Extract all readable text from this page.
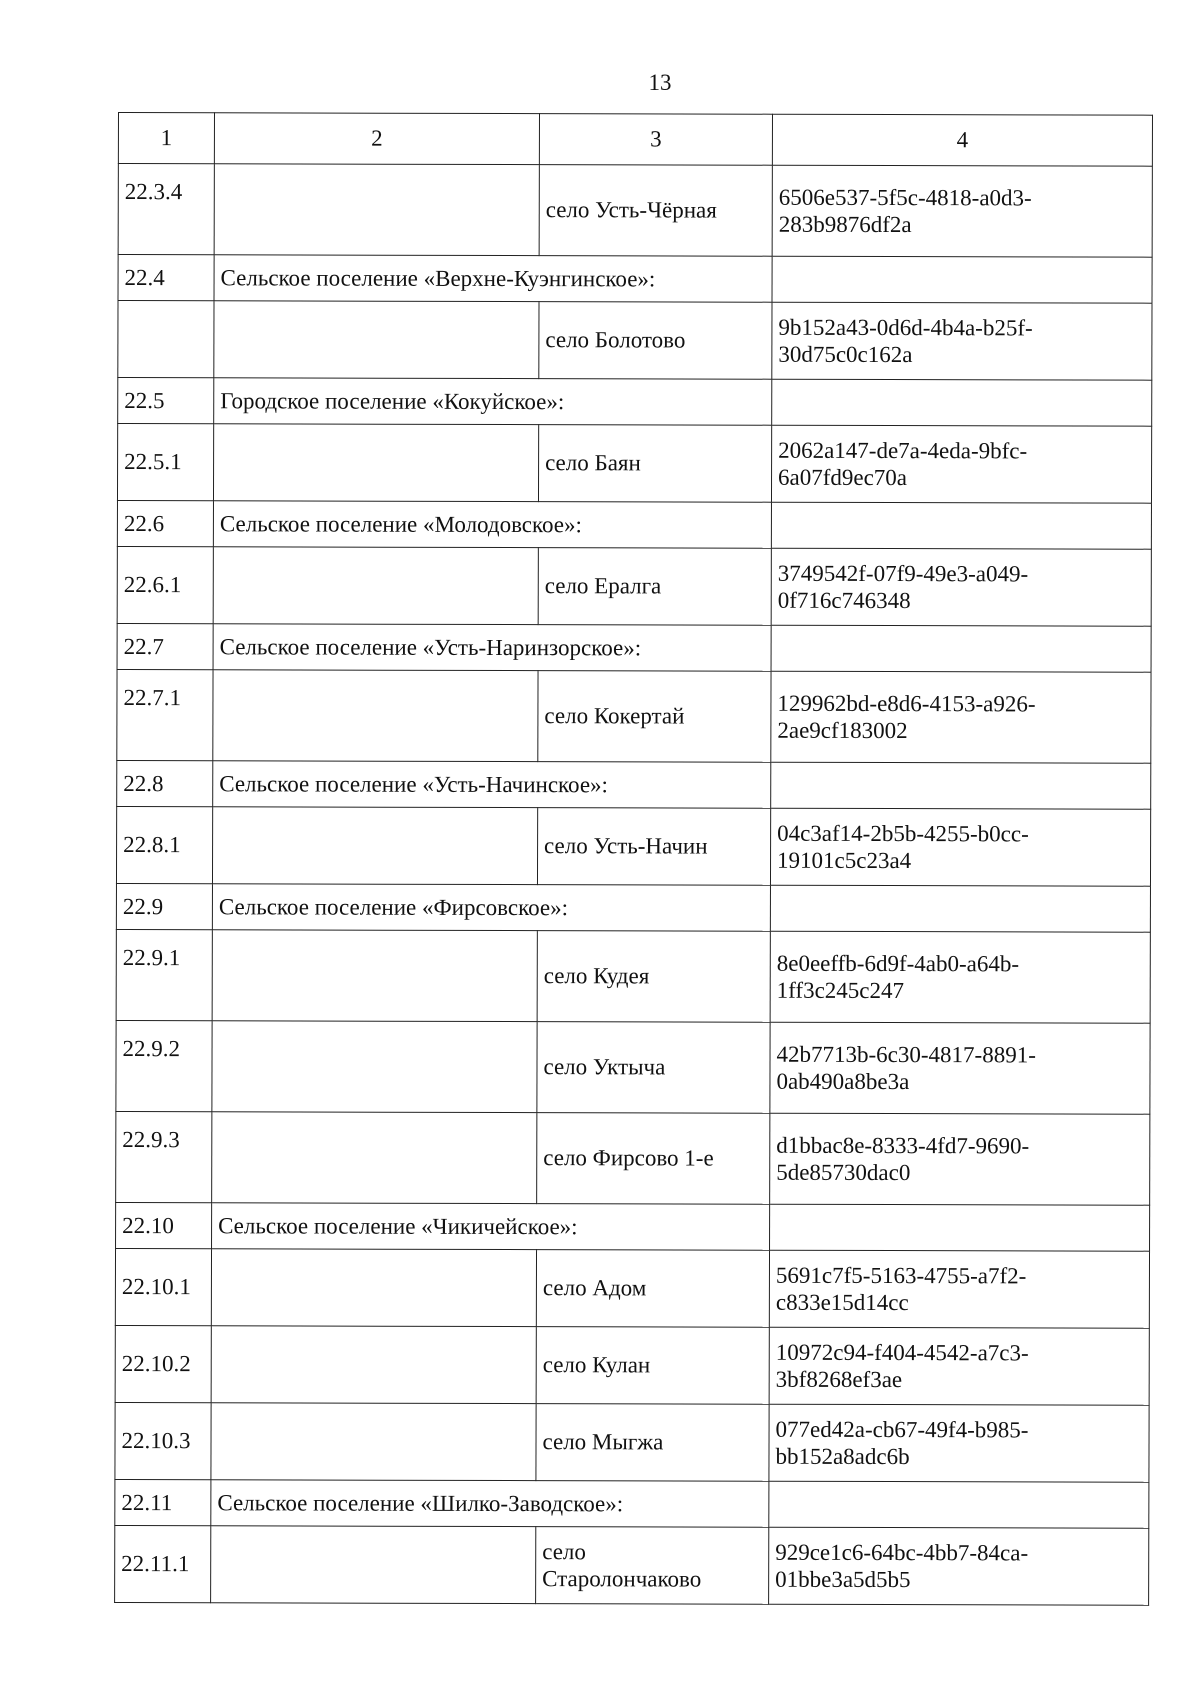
13
1	2	3	4
22.3.4		село Усть-Чёрная	6506e537-5f5c-4818-a0d3-
283b9876df2a
22.4	Сельское поселение «Верхне-Куэнгинское»:		
		село Болотово	9b152a43-0d6d-4b4a-b25f-
30d75c0c162a
22.5	Городское поселение «Кокуйское»:		
22.5.1		село Баян	2062a147-de7a-4eda-9bfc-
6a07fd9ec70a
22.6	Сельское поселение «Молодовское»:		
22.6.1		село Ералга	3749542f-07f9-49e3-a049-
0f716c746348
22.7	Сельское поселение «Усть-Наринзорское»:		
22.7.1		село Кокертай	129962bd-e8d6-4153-a926-
2ae9cf183002
22.8	Сельское поселение «Усть-Начинское»:		
22.8.1		село Усть-Начин	04c3af14-2b5b-4255-b0cc-
19101c5c23a4
22.9	Сельское поселение «Фирсовское»:		
22.9.1		село Кудея	8e0eeffb-6d9f-4ab0-a64b-
1ff3c245c247
22.9.2		село Уктыча	42b7713b-6c30-4817-8891-
0ab490a8be3a
22.9.3		село Фирсово 1-е	d1bbac8e-8333-4fd7-9690-
5de85730dac0
22.10	Сельское поселение «Чикичейское»:		
22.10.1		село Адом	5691c7f5-5163-4755-a7f2-
c833e15d14cc
22.10.2		село Кулан	10972c94-f404-4542-a7c3-
3bf8268ef3ae
22.10.3		село Мыгжа	077ed42a-cb67-49f4-b985-
bb152a8adc6b
22.11	Сельское поселение «Шилко-Заводское»:		
22.11.1		село
Старолончаково	929ce1c6-64bc-4bb7-84ca-
01bbe3a5d5b5
